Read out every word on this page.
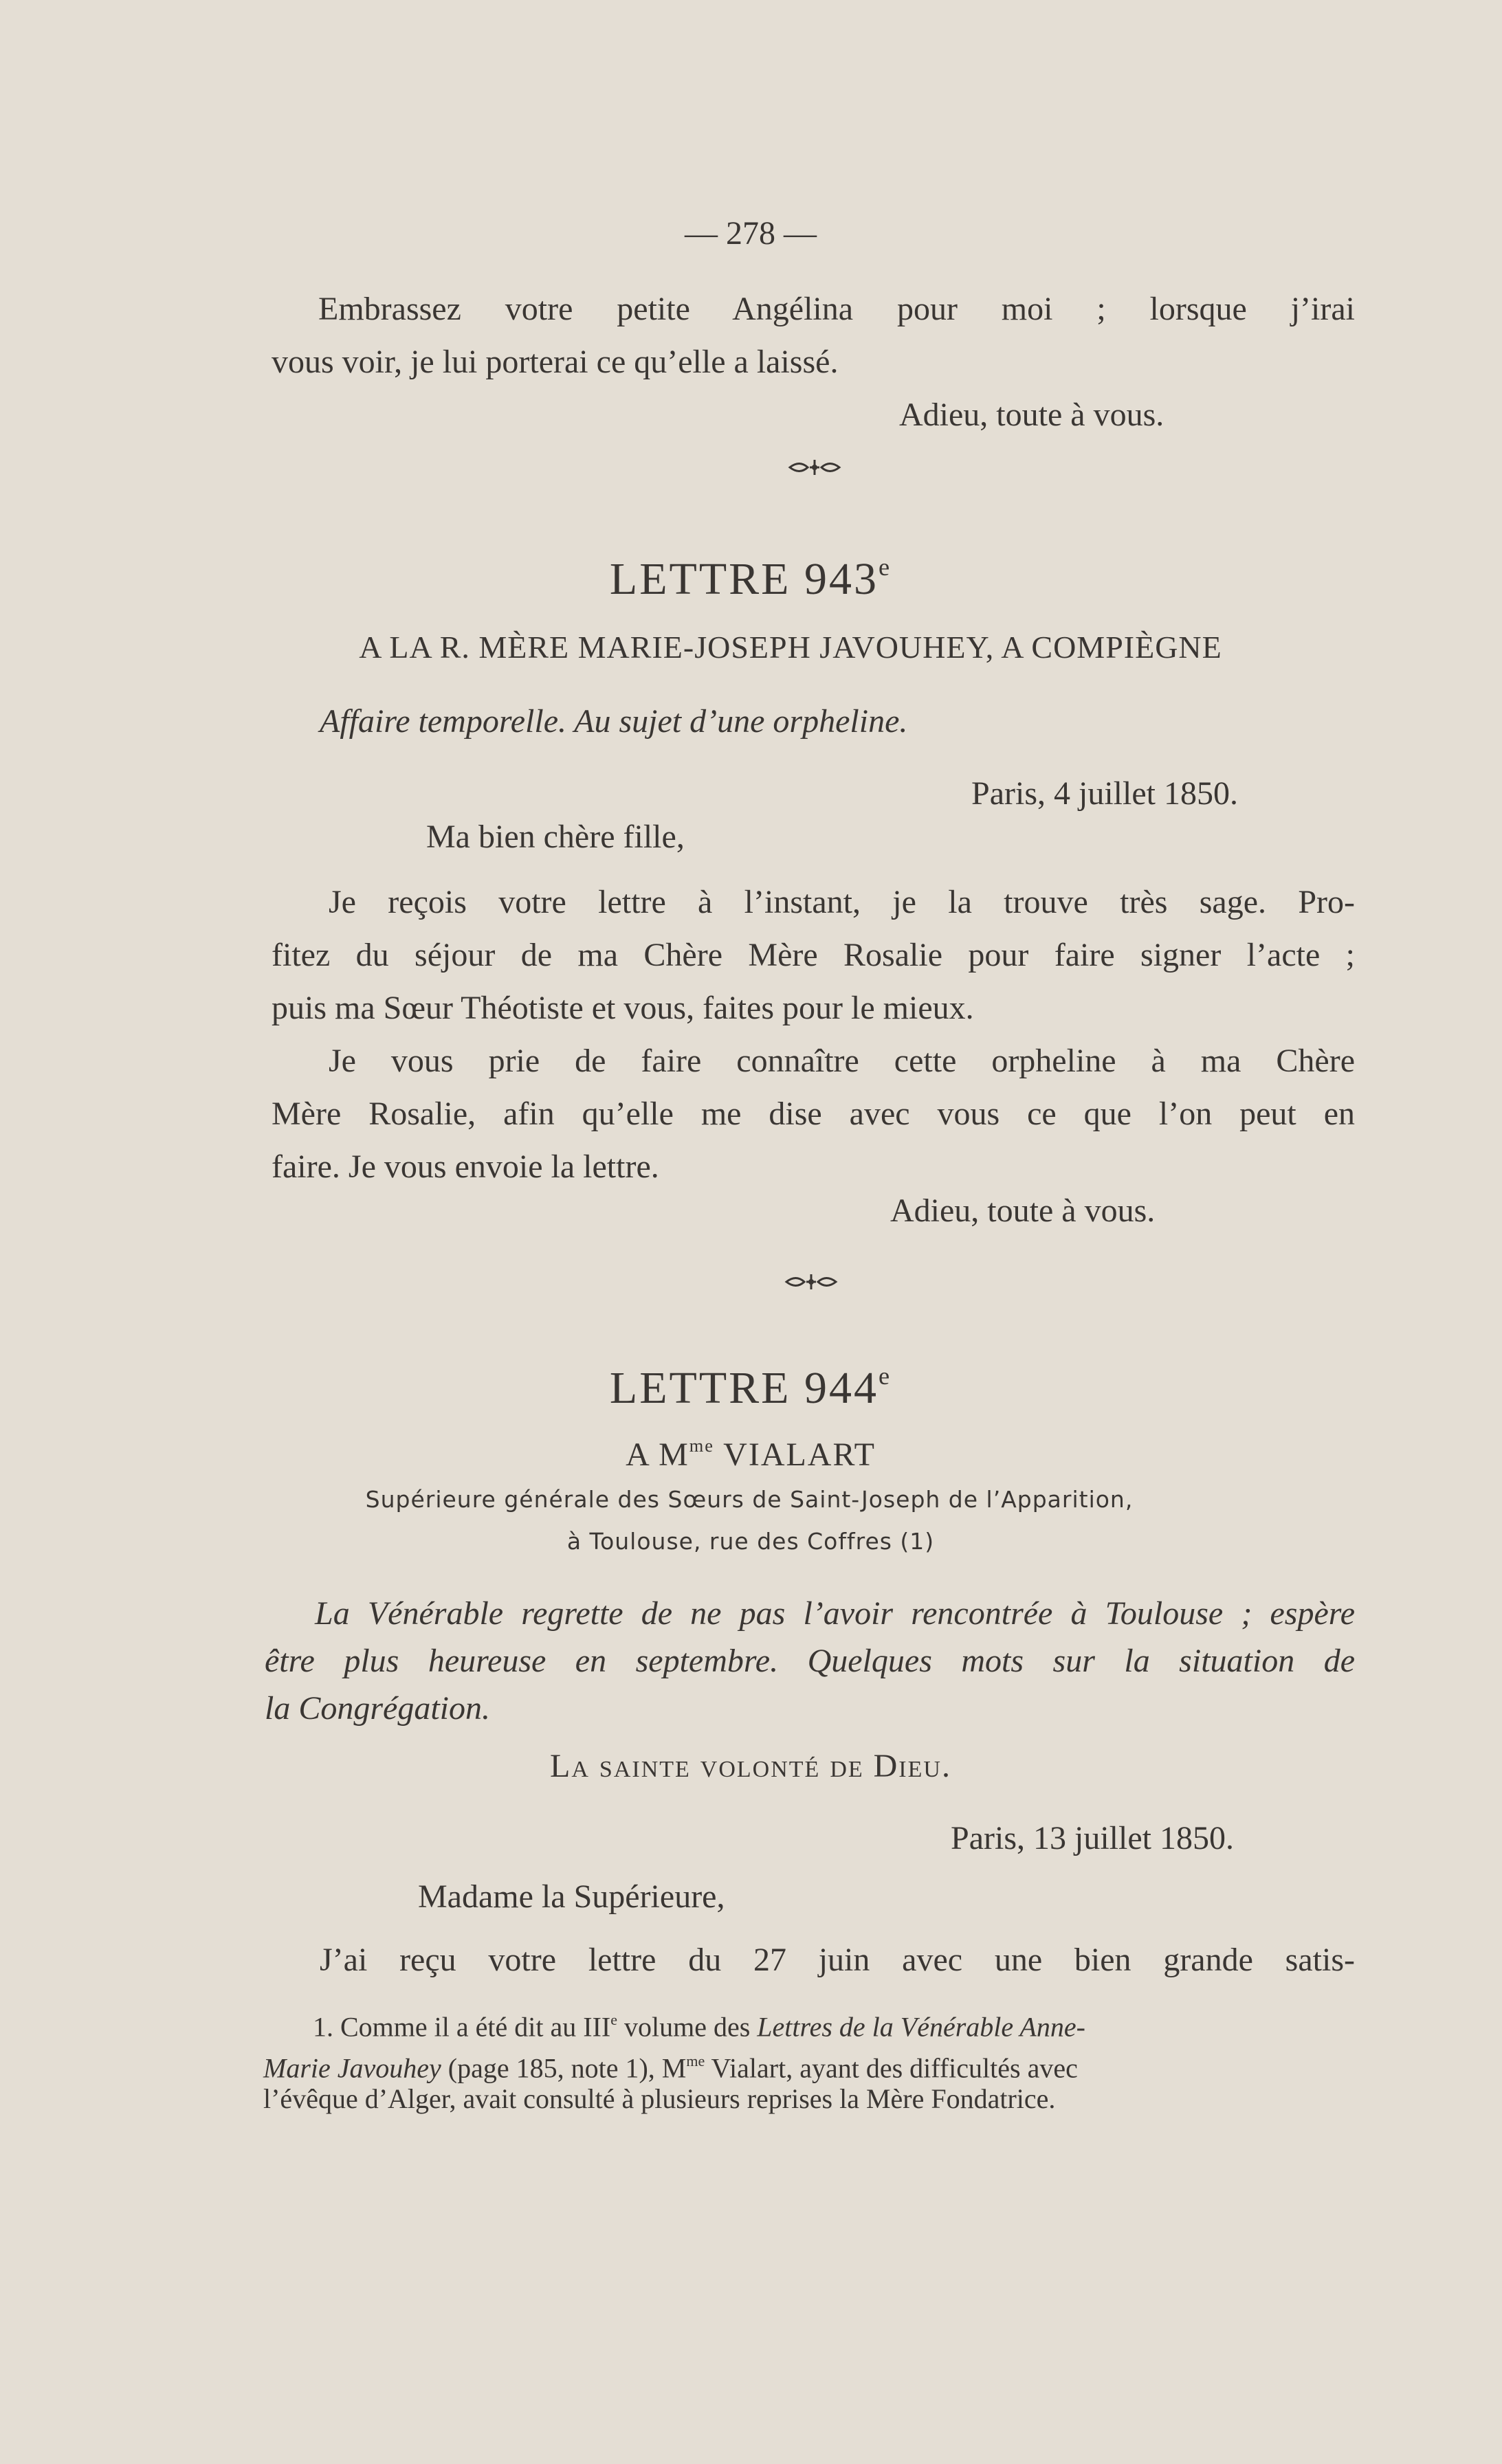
— 278 —
Embrassez votre petite Angélina pour moi ; lorsque j’irai
vous voir, je lui porterai ce qu’elle a laissé.
Adieu, toute à vous.
LETTRE 943e
A LA R. MÈRE MARIE-JOSEPH JAVOUHEY, A COMPIÈGNE
Affaire temporelle. Au sujet d’une orpheline.
Paris, 4 juillet 1850.
Ma bien chère fille,
Je reçois votre lettre à l’instant, je la trouve très sage. Pro-
fitez du séjour de ma Chère Mère Rosalie pour faire signer l’acte ;
puis ma Sœur Théotiste et vous, faites pour le mieux.
Je vous prie de faire connaître cette orpheline à ma Chère
Mère Rosalie, afin qu’elle me dise avec vous ce que l’on peut en
faire. Je vous envoie la lettre.
Adieu, toute à vous.
LETTRE 944e
A $M^{me}$ VIALART
Supérieure générale des Sœurs de Saint-Joseph de l’Apparition,
à Toulouse, rue des Coffres (1)
La Vénérable regrette de ne pas l’avoir rencontrée à Toulouse ; espère
être plus heureuse en septembre. Quelques mots sur la situation de
la Congrégation.
La sainte volonté de Dieu.
Paris, 13 juillet 1850.
Madame la Supérieure,
J’ai reçu votre lettre du 27 juin avec une bien grande satis-
1. Comme il a été dit au IIIe volume des Lettres de la Vénérable Anne-
Marie Javouhey (page 185, note 1), $M^{me}$ Vialart, ayant des difficultés avec
l’évêque d’Alger, avait consulté à plusieurs reprises la Mère Fondatrice.
